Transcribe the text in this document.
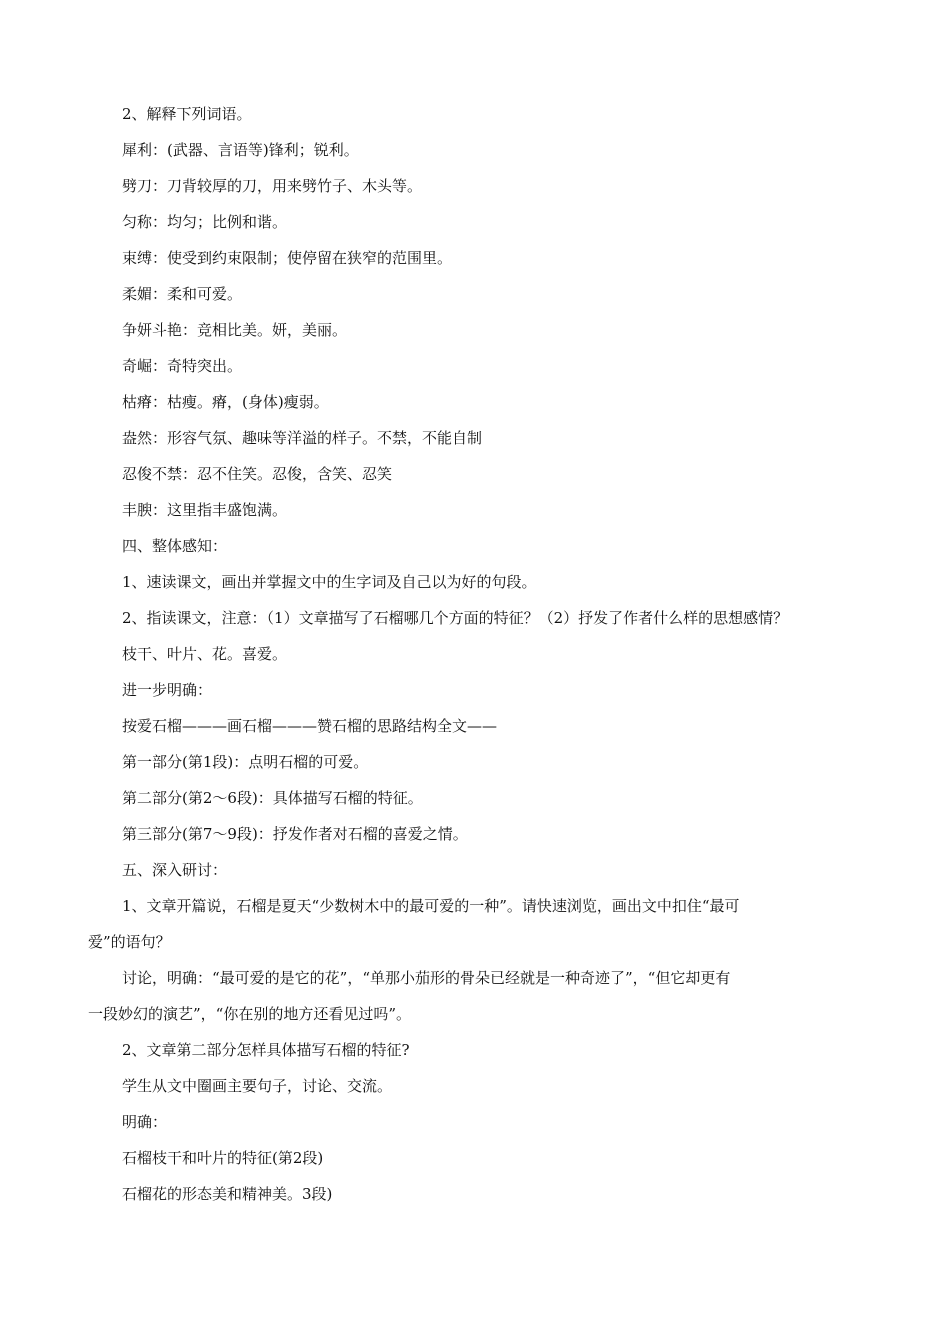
2、解释下列词语。

犀利：(武器、言语等)锋利；锐利。

劈刀：刀背较厚的刀，用来劈竹子、木头等。

匀称：均匀；比例和谐。

束缚：使受到约束限制；使停留在狭窄的范围里。

柔媚：柔和可爱。

争妍斗艳：竞相比美。妍，美丽。

奇崛：奇特突出。

枯瘠：枯瘦。瘠，(身体)瘦弱。

盎然：形容气氛、趣味等洋溢的样子。不禁，不能自制

忍俊不禁：忍不住笑。忍俊，含笑、忍笑

丰腴：这里指丰盛饱满。

四、整体感知：

1、速读课文，画出并掌握文中的生字词及自己以为好的句段。

2、指读课文，注意：（1）文章描写了石榴哪几个方面的特征？（2）抒发了作者什么样的思想感情？

枝干、叶片、花。喜爱。

进一步明确：

按爱石榴———画石榴———赞石榴的思路结构全文——

第一部分(第1段)：点明石榴的可爱。

第二部分(第2～6段)：具体描写石榴的特征。

第三部分(第7～9段)：抒发作者对石榴的喜爱之情。

五、深入研讨：

1、文章开篇说，石榴是夏天“少数树木中的最可爱的一种”。请快速浏览，画出文中扣住“最可

爱”的语句？

讨论，明确：“最可爱的是它的花”，“单那小茄形的骨朵已经就是一种奇迹了”，“但它却更有

一段妙幻的演艺”，“你在别的地方还看见过吗”。

2、文章第二部分怎样具体描写石榴的特征?

学生从文中圈画主要句子，讨论、交流。

明确：

石榴枝干和叶片的特征(第2段)

石榴花的形态美和精神美。3段)
